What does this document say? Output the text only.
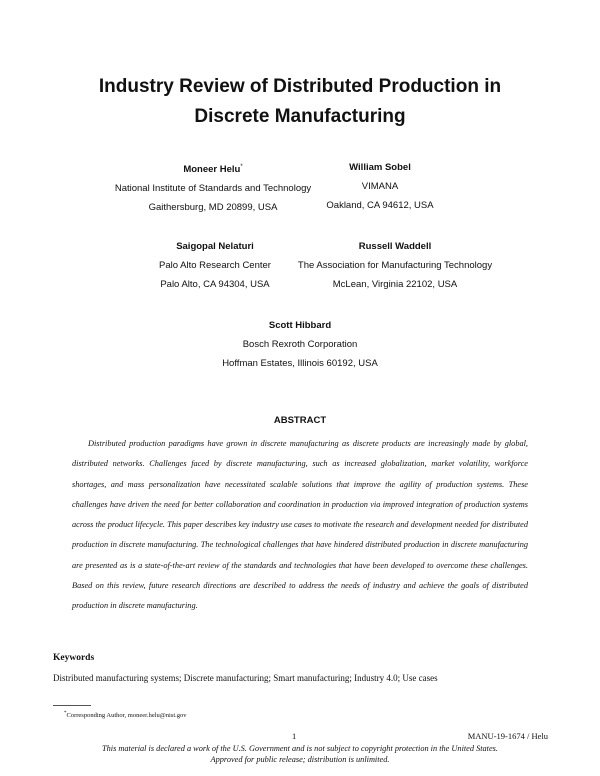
Industry Review of Distributed Production in
Discrete Manufacturing
Moneer Helu*
National Institute of Standards and Technology
Gaithersburg, MD 20899, USA
William Sobel
VIMANA
Oakland, CA 94612, USA
Saigopal Nelaturi
Palo Alto Research Center
Palo Alto, CA 94304, USA
Russell Waddell
The Association for Manufacturing Technology
McLean, Virginia 22102, USA
Scott Hibbard
Bosch Rexroth Corporation
Hoffman Estates, Illinois 60192, USA
ABSTRACT

Distributed production paradigms have grown in discrete manufacturing as discrete products are increasingly made by global, distributed networks. Challenges faced by discrete manufacturing, such as increased globalization, market volatility, workforce shortages, and mass personalization have necessitated scalable solutions that improve the agility of production systems. These challenges have driven the need for better collaboration and coordination in production via improved integration of production systems across the product lifecycle. This paper describes key industry use cases to motivate the research and development needed for distributed production in discrete manufacturing. The technological challenges that have hindered distributed production in discrete manufacturing are presented as is a state-of-the-art review of the standards and technologies that have been developed to overcome these challenges. Based on this review, future research directions are described to address the needs of industry and achieve the goals of distributed production in discrete manufacturing.

Keywords
Distributed manufacturing systems; Discrete manufacturing; Smart manufacturing; Industry 4.0; Use cases
*Corresponding Author, moneer.helu@nist.gov
1	MANU-19-1674 / Helu
This material is declared a work of the U.S. Government and is not subject to copyright protection in the United States.
Approved for public release; distribution is unlimited.
